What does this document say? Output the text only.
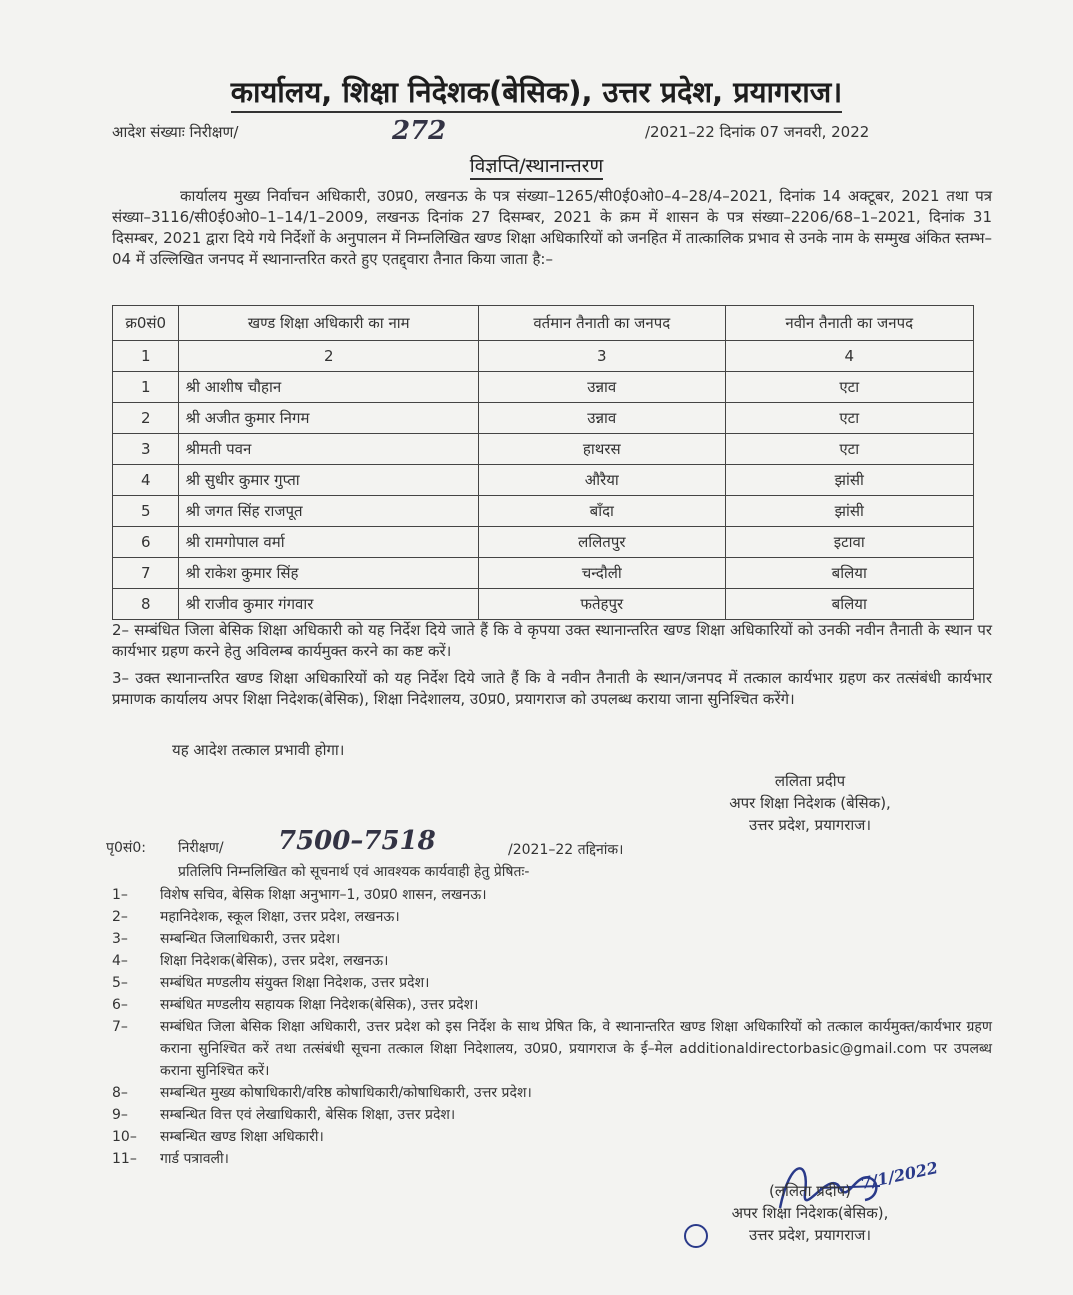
कार्यालय, शिक्षा निदेशक(बेसिक), उत्तर प्रदेश, प्रयागराज।
आदेश संख्याः निरीक्षण/	272	/2021–22 दिनांक 07 जनवरी, 2022
विज्ञप्ति/स्थानान्तरण
कार्यालय मुख्य निर्वाचन अधिकारी, उ0प्र0, लखनऊ के पत्र संख्या–1265/सी0ई0ओ0–4–28/4–2021, दिनांक 14 अक्टूबर, 2021 तथा पत्र संख्या–3116/सी0ई0ओ0–1–14/1–2009, लखनऊ दिनांक 27 दिसम्बर, 2021 के क्रम में शासन के पत्र संख्या–2206/68–1–2021, दिनांक 31 दिसम्बर, 2021 द्वारा दिये गये निर्देशों के अनुपालन में निम्नलिखित खण्ड शिक्षा अधिकारियों को जनहित में तात्कालिक प्रभाव से उनके नाम के सम्मुख अंकित स्तम्भ–04 में उल्लिखित जनपद में स्थानान्तरित करते हुए एतद्द्वारा तैनात किया जाता है:–
क्र0सं0	खण्ड शिक्षा अधिकारी का नाम	वर्तमान तैनाती का जनपद	नवीन तैनाती का जनपद
1	2	3	4
1	श्री आशीष चौहान	उन्नाव	एटा
2	श्री अजीत कुमार निगम	उन्नाव	एटा
3	श्रीमती पवन	हाथरस	एटा
4	श्री सुधीर कुमार गुप्ता	औरैया	झांसी
5	श्री जगत सिंह राजपूत	बाँदा	झांसी
6	श्री रामगोपाल वर्मा	ललितपुर	इटावा
7	श्री राकेश कुमार सिंह	चन्दौली	बलिया
8	श्री राजीव कुमार गंगवार	फतेहपुर	बलिया
2– सम्बंधित जिला बेसिक शिक्षा अधिकारी को यह निर्देश दिये जाते हैं कि वे कृपया उक्त स्थानान्तरित खण्ड शिक्षा अधिकारियों को उनकी नवीन तैनाती के स्थान पर कार्यभार ग्रहण करने हेतु अविलम्ब कार्यमुक्त करने का कष्ट करें।
3– उक्त स्थानान्तरित खण्ड शिक्षा अधिकारियों को यह निर्देश दिये जाते हैं कि वे नवीन तैनाती के स्थान/जनपद में तत्काल कार्यभार ग्रहण कर तत्संबंधी कार्यभार प्रमाणक कार्यालय अपर शिक्षा निदेशक(बेसिक), शिक्षा निदेशालय, उ0प्र0, प्रयागराज को उपलब्ध कराया जाना सुनिश्चित करेंगे।
यह आदेश तत्काल प्रभावी होगा।
ललिता प्रदीप
अपर शिक्षा निदेशक (बेसिक),
उत्तर प्रदेश, प्रयागराज।
पृ0सं0: निरीक्षण/ 7500–7518	/2021–22 तद्दिनांक।
प्रतिलिपि निम्नलिखित को सूचनार्थ एवं आवश्यक कार्यवाही हेतु प्रेषितः-
1–	विशेष सचिव, बेसिक शिक्षा अनुभाग–1, उ0प्र0 शासन, लखनऊ।
2–	महानिदेशक, स्कूल शिक्षा, उत्तर प्रदेश, लखनऊ।
3–	सम्बन्धित जिलाधिकारी, उत्तर प्रदेश।
4–	शिक्षा निदेशक(बेसिक), उत्तर प्रदेश, लखनऊ।
5–	सम्बंधित मण्डलीय संयुक्त शिक्षा निदेशक, उत्तर प्रदेश।
6–	सम्बंधित मण्डलीय सहायक शिक्षा निदेशक(बेसिक), उत्तर प्रदेश।
7–	सम्बंधित जिला बेसिक शिक्षा अधिकारी, उत्तर प्रदेश को इस निर्देश के साथ प्रेषित कि, वे स्थानान्तरित खण्ड शिक्षा अधिकारियों को तत्काल कार्यमुक्त/कार्यभार ग्रहण कराना सुनिश्चित करें तथा तत्संबंधी सूचना तत्काल शिक्षा निदेशालय, उ0प्र0, प्रयागराज के ई–मेल additionaldirectorbasic@gmail.com पर उपलब्ध कराना सुनिश्चित करें।
8–	सम्बन्धित मुख्य कोषाधिकारी/वरिष्ठ कोषाधिकारी/कोषाधिकारी, उत्तर प्रदेश।
9–	सम्बन्धित वित्त एवं लेखाधिकारी, बेसिक शिक्षा, उत्तर प्रदेश।
10–	सम्बन्धित खण्ड शिक्षा अधिकारी।
11–	गार्ड पत्रावली।	7/1/2022
(ललिता प्रदीप)
अपर शिक्षा निदेशक(बेसिक),
उत्तर प्रदेश, प्रयागराज।
